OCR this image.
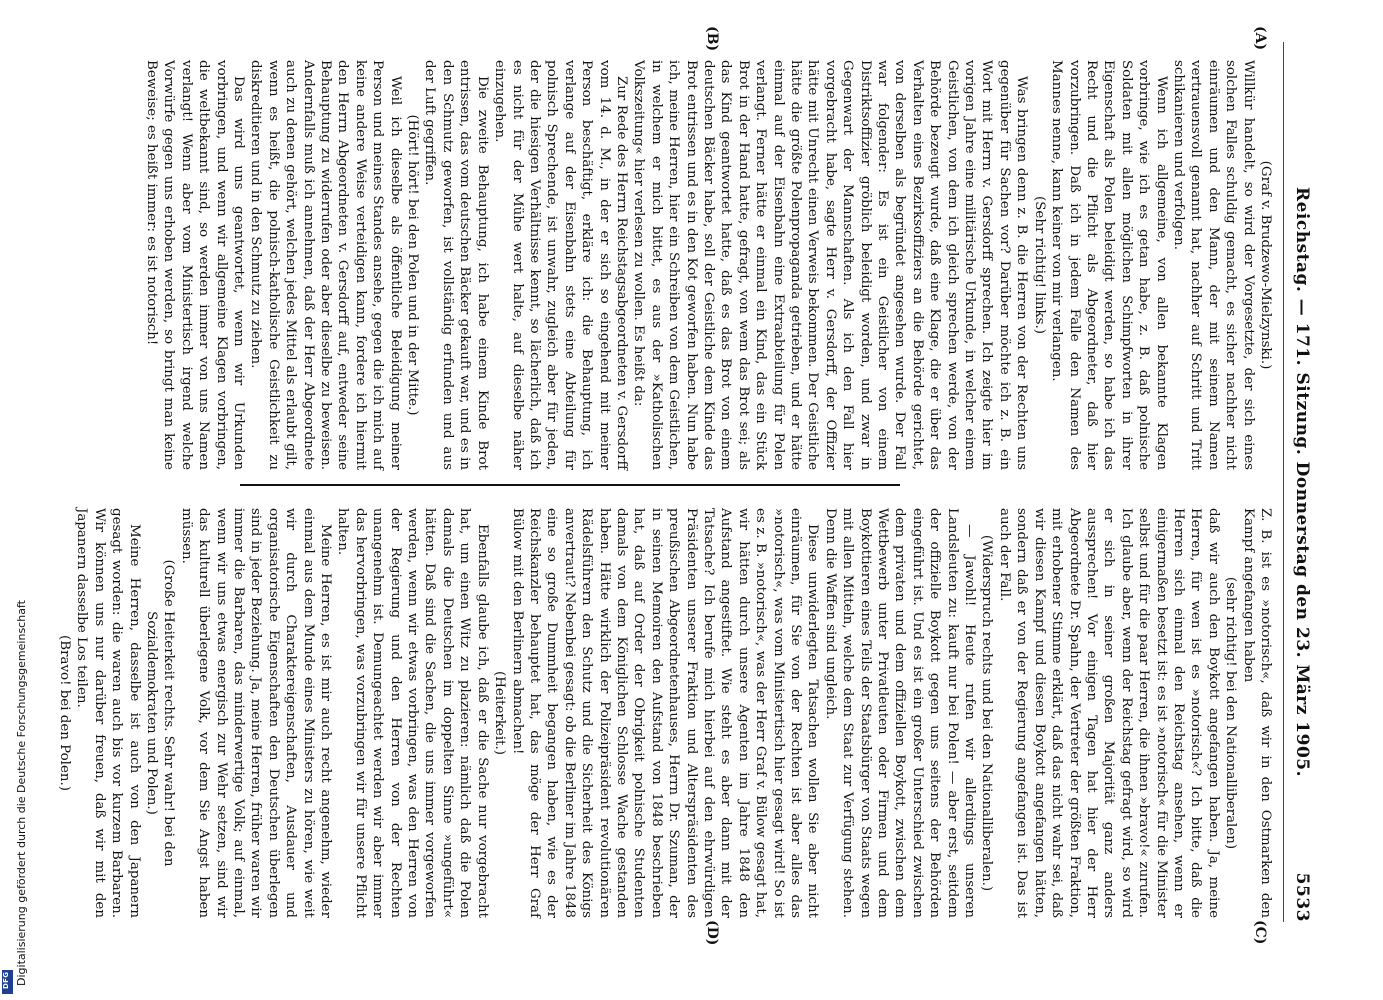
Reichstag. — 171. Sitzung. Donnerstag den 23. März 1905.
5533
(A)
(B)
(C)
(D)

(Graf v. Brudzewo-Mielzynski.)

Willkür handelt, so wird der Vorgesetzte, der sich eines solchen Falles schuldig gemacht, es sicher nachher nicht einräumen und den Mann, der mit seinem Namen vertrauensvoll genannt hat, nachher auf Schritt und Tritt schikanieren und verfolgen.

Wenn ich allgemeine, von allen bekannte Klagen vorbringe, wie ich es getan habe, z. B. daß polnische Soldaten mit allen möglichen Schimpfworten in ihrer Eigenschaft als Polen beleidigt werden, so habe ich das Recht und die Pflicht als Abgeordneter, daß hier vorzubringen. Daß ich in jedem Falle den Namen des Mannes nenne, kann keiner von mir verlangen.

(Sehr richtig! links.)

Was bringen denn z. B. die Herren von der Rechten uns gegenüber für Sachen vor? Darüber möchte ich z. B. ein Wort mit Herrn v. Gersdorff sprechen. Ich zeigte hier im vorigen Jahre eine militärische Urkunde, in welcher einem Geistlichen, von dem ich gleich sprechen werde, von der Behörde bezeugt wurde, daß eine Klage, die er über das Verhalten eines Bezirksoffiziers an die Behörde gerichtet, von derselben als begründet angesehen wurde. Der Fall war folgender: Es ist ein Geistlicher von einem Distriktsoffizier gröblich beleidigt worden, und zwar in Gegenwart der Mannschaften. Als ich den Fall hier vorgebracht habe, sagte Herr v. Gersdorff, der Offizier hätte mit Unrecht einen Verweis bekommen. Der Geistliche hätte die größte Polenpropaganda getrieben, und er hätte einmal auf der Eisenbahn eine Extraabteilung für Polen verlangt. Ferner hätte er einmal ein Kind, das ein Stück Brot in der Hand hatte, gefragt, von wem das Brot sei; als das Kind geantwortet hatte, daß es das Brot von einem deutschen Bäcker habe, soll der Geistliche dem Kinde das Brot entrissen und es in den Kot geworfen haben. Nun habe ich, meine Herren, hier ein Schreiben von dem Geistlichen, in welchem er mich bittet, es aus der »Katholischen Volkszeitung« hier verlesen zu wollen. Es heißt da:

Zur Rede des Herrn Reichstagsabgeordneten v. Gersdorff vom 14. d. M., in der er sich so eingehend mit meiner Person beschäftigt, erkläre ich: die Behauptung, ich verlange auf der Eisenbahn stets eine Abteilung für polnisch Sprechende, ist unwahr, zugleich aber für jeden, der die hiesigen Verhältnisse kennt, so lächerlich, daß ich es nicht für der Mühe wert halte, auf dieselbe näher einzugehen.

Die zweite Behauptung, ich habe einem Kinde Brot entrissen, das vom deutschen Bäcker gekauft war, und es in den Schmutz geworfen, ist vollständig erfunden und aus der Luft gegriffen.

(Hört! hört! bei den Polen und in der Mitte.)

Weil ich dieselbe als öffentliche Beleidigung meiner Person und meines Standes ansehe, gegen die ich mich auf keine andere Weise verteidigen kann, fordere ich hiermit den Herrn Abgeordneten v. Gersdorff auf, entweder seine Behauptung zu widerrufen oder aber dieselbe zu beweisen. Andernfalls muß ich annehmen, daß der Herr Abgeordnete auch zu denen gehört, welchen jedes Mittel als erlaubt gilt, wenn es heißt, die polnisch-katholische Geistlichkeit zu diskreditieren und in den Schmutz zu ziehen.

Das wird uns geantwortet, wenn wir Urkunden vorbringen, und wenn wir allgemeine Klagen vorbringen, die weltbekannt sind, so werden immer von uns Namen verlangt! Wenn aber vom Ministertisch irgend welche Vorwürfe gegen uns erhoben werden, so bringt man keine Beweise; es heißt immer: es ist notorisch!

Z. B. ist es »notorisch«, daß wir in den Ostmarken den Kampf angefangen haben

(sehr richtig! bei den Nationalliberalen)

daß wir auch den Boykott angefangen haben. Ja, meine Herren, für wen ist es »notorisch«? Ich bitte, daß die Herren sich einmal den Reichstag ansehen, wenn er einigermaßen besetzt ist: es ist »notorisch« für die Minister selbst und für die paar Herren, die ihnen »bravo!« zurufen. Ich glaube aber, wenn der Reichstag gefragt wird, so wird er sich in seiner großen Majorität ganz anders aussprechen! Vor einigen Tagen hat hier der Herr Abgeordnete Dr. Spahn, der Vertreter der größten Fraktion, mit erhobener Stimme erklärt, daß das nicht wahr sei, daß wir diesen Kampf und diesen Boykott angefangen hätten, sondern daß er von der Regierung angefangen ist. Das ist auch der Fall.

(Widerspruch rechts und bei den Nationalliberalen.)

— Jawohl! Heute rufen wir allerdings unseren Landsleuten zu: kauft nur bei Polen! — aber erst, seitdem der offizielle Boykott gegen uns seitens der Behörden eingeführt ist. Und es ist ein großer Unterschied zwischen dem privaten und dem offiziellen Boykott, zwischen dem Wettbewerb unter Privatleuten oder Firmen und dem Boykottieren eines Teils der Staatsbürger von Staats wegen mit allen Mitteln, welche dem Staat zur Verfügung stehen. Denn die Waffen sind ungleich.

Diese unwiderlegten Tatsachen wollen Sie aber nicht einräumen, für Sie von der Rechten ist aber alles das »notorisch«, was vom Ministertisch hier gesagt wird! So ist es z. B. »notorisch«, was der Herr Graf v. Bülow gesagt hat, wir hätten durch unsere Agenten im Jahre 1848 den Aufstand angestiftet. Wie steht es aber dann mit der Tatsache? Ich berufe mich hierbei auf den ehrwürdigen Präsidenten unserer Fraktion und Alterspräsidenten des preußischen Abgeordnetenhauses, Herrn Dr. Szuman, der in seinen Memoiren den Aufstand von 1848 beschrieben hat, daß auf Order der Obrigkeit polnische Studenten damals von dem Königlichen Schlosse Wache gestanden haben. Hätte wirklich der Polizeipräsident revolutionären Rädelsführern den Schutz und die Sicherheit des Königs anvertraut? Nebenbei gesagt: ob die Berliner im Jahre 1848 eine so große Dummheit begangen haben, wie es der Reichskanzler behauptet hat, das möge der Herr Graf Bülow mit den Berlinern abmachen!

(Heiterkeit.)

Ebenfalls glaube ich, daß er die Sache nur vorgebracht hat, um einen Witz zu plazieren: nämlich daß die Polen damals die Deutschen im doppelten Sinne »ungeführt« hätten. Daß sind die Sachen, die uns immer vorgeworfen werden, wenn wir etwas vorbringen, was den Herren von der Regierung und den Herren von der Rechten unangenehm ist. Demungeachtet werden wir aber immer das hervorbringen, was vorzubringen wir für unsere Pflicht halten.

Meine Herren, es ist mir auch recht angenehm, wieder einmal aus dem Munde eines Ministers zu hören, wie weit wir durch Charaktereigenschaften, Ausdauer und organisatorische Eigenschaften den Deutschen überlegen sind in jeder Beziehung. Ja, meine Herren, früher waren wir immer die Barbaren, das minderwertige Volk; auf einmal, wenn wir uns etwas energisch zur Wehr setzen, sind wir das kulturell überlegene Volk, vor dem Sie Angst haben müssen.

(Große Heiterkeit rechts. Sehr wahr! bei den Sozialdemokraten und Polen.)

Meine Herren, dasselbe ist auch von den Japanern gesagt worden: die waren auch bis vor kurzem Barbaren. Wir können uns nur darüber freuen, daß wir mit den Japanern dasselbe Los teilen.

(Bravo! bei den Polen.)

Digitalisierung gefördert durch die Deutsche Forschungsgemeinschaft
DFG
